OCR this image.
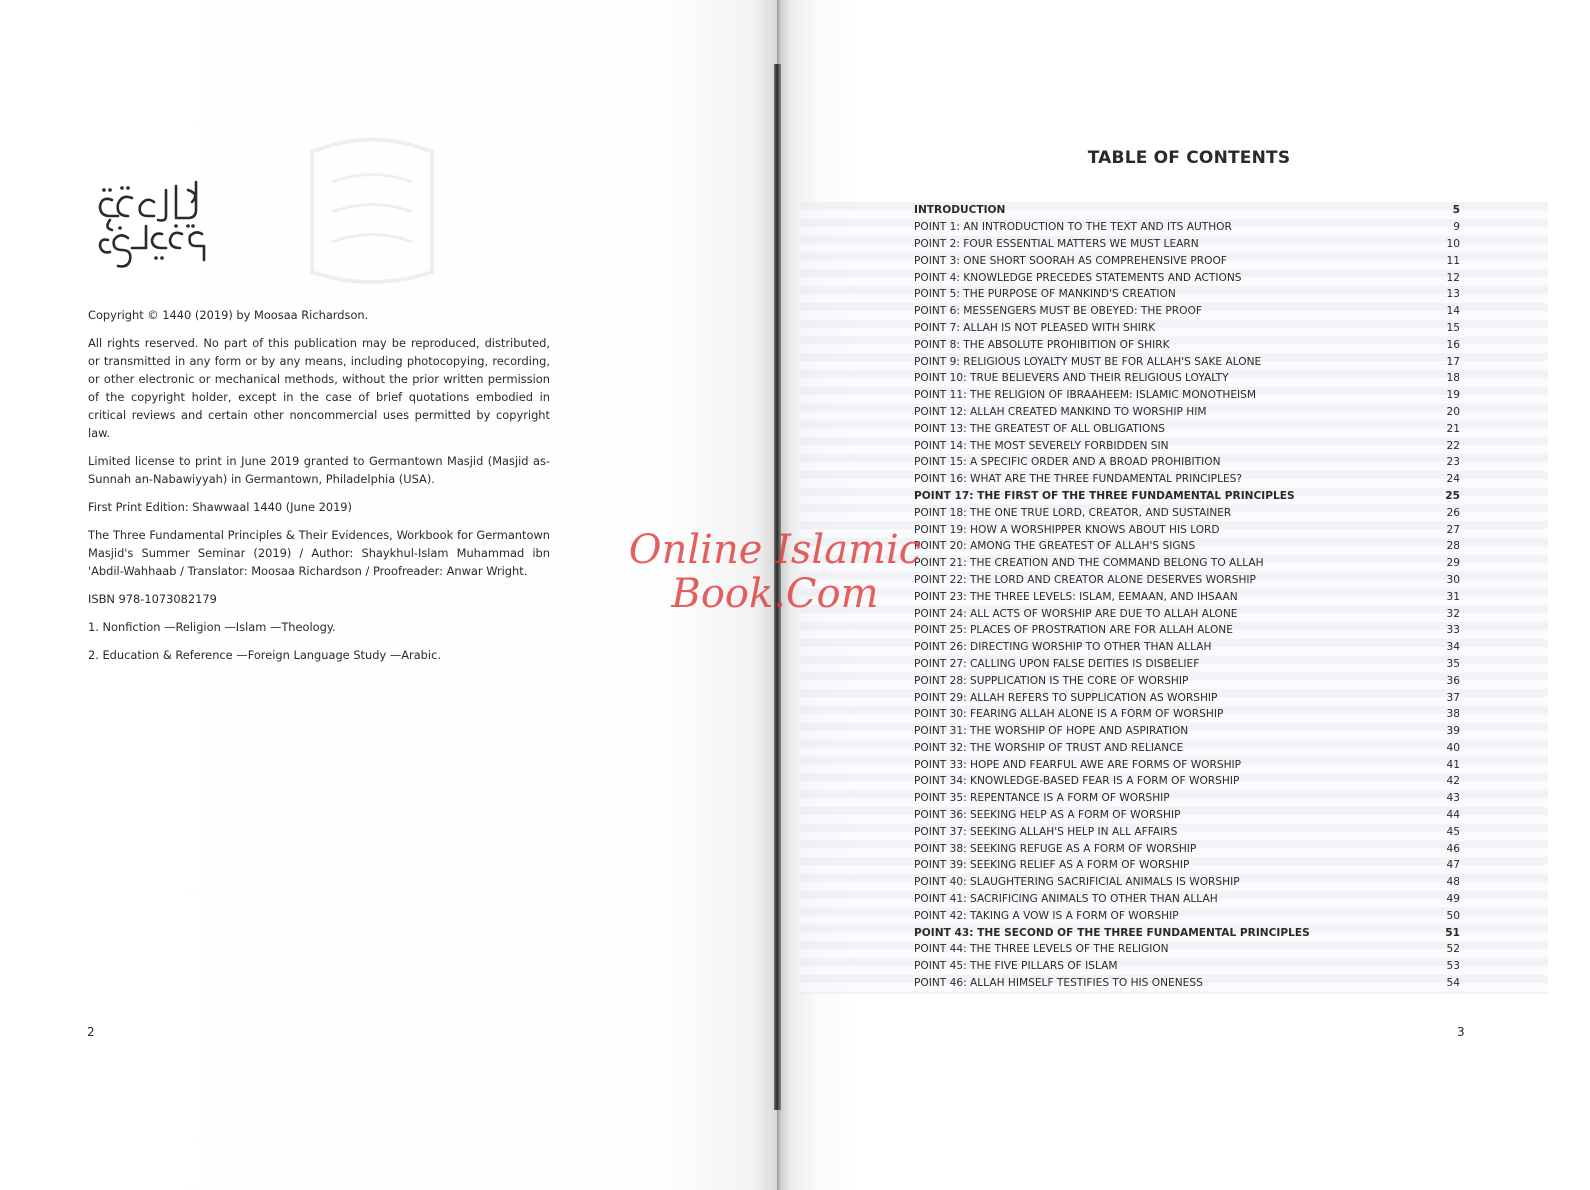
Copyright © 1440 (2019) by Moosaa Richardson.

All rights reserved. No part of this publication may be reproduced, distributed, or transmitted in any form or by any means, including photocopying, recording, or other electronic or mechanical methods, without the prior written permission of the copyright holder, except in the case of brief quotations embodied in critical reviews and certain other noncommercial uses permitted by copyright law.

Limited license to print in June 2019 granted to Germantown Masjid (Masjid as-Sunnah an-Nabawiyyah) in Germantown, Philadelphia (USA).

First Print Edition: Shawwaal 1440 (June 2019)

The Three Fundamental Principles & Their Evidences, Workbook for Germantown Masjid's Summer Seminar (2019) / Author: Shaykhul-Islam Muhammad ibn 'Abdil-Wahhaab / Translator: Moosaa Richardson / Proofreader: Anwar Wright.

ISBN 978-1073082179

1. Nonfiction —Religion —Islam —Theology.

2. Education & Reference —Foreign Language Study —Arabic.

2
TABLE OF CONTENTS
INTRODUCTION	5
POINT 1: AN INTRODUCTION TO THE TEXT AND ITS AUTHOR	9
POINT 2: FOUR ESSENTIAL MATTERS WE MUST LEARN	10
POINT 3: ONE SHORT SOORAH AS COMPREHENSIVE PROOF	11
POINT 4: KNOWLEDGE PRECEDES STATEMENTS AND ACTIONS	12
POINT 5: THE PURPOSE OF MANKIND'S CREATION	13
POINT 6: MESSENGERS MUST BE OBEYED: THE PROOF	14
POINT 7: ALLAH IS NOT PLEASED WITH SHIRK	15
POINT 8: THE ABSOLUTE PROHIBITION OF SHIRK	16
POINT 9: RELIGIOUS LOYALTY MUST BE FOR ALLAH'S SAKE ALONE	17
POINT 10: TRUE BELIEVERS AND THEIR RELIGIOUS LOYALTY	18
POINT 11: THE RELIGION OF IBRAAHEEM: ISLAMIC MONOTHEISM	19
POINT 12: ALLAH CREATED MANKIND TO WORSHIP HIM	20
POINT 13: THE GREATEST OF ALL OBLIGATIONS	21
POINT 14: THE MOST SEVERELY FORBIDDEN SIN	22
POINT 15: A SPECIFIC ORDER AND A BROAD PROHIBITION	23
POINT 16: WHAT ARE THE THREE FUNDAMENTAL PRINCIPLES?	24
POINT 17: THE FIRST OF THE THREE FUNDAMENTAL PRINCIPLES	25
POINT 18: THE ONE TRUE LORD, CREATOR, AND SUSTAINER	26
POINT 19: HOW A WORSHIPPER KNOWS ABOUT HIS LORD	27
POINT 20: AMONG THE GREATEST OF ALLAH'S SIGNS	28
POINT 21: THE CREATION AND THE COMMAND BELONG TO ALLAH	29
POINT 22: THE LORD AND CREATOR ALONE DESERVES WORSHIP	30
POINT 23: THE THREE LEVELS: ISLAM, EEMAAN, AND IHSAAN	31
POINT 24: ALL ACTS OF WORSHIP ARE DUE TO ALLAH ALONE	32
POINT 25: PLACES OF PROSTRATION ARE FOR ALLAH ALONE	33
POINT 26: DIRECTING WORSHIP TO OTHER THAN ALLAH	34
POINT 27: CALLING UPON FALSE DEITIES IS DISBELIEF	35
POINT 28: SUPPLICATION IS THE CORE OF WORSHIP	36
POINT 29: ALLAH REFERS TO SUPPLICATION AS WORSHIP	37
POINT 30: FEARING ALLAH ALONE IS A FORM OF WORSHIP	38
POINT 31: THE WORSHIP OF HOPE AND ASPIRATION	39
POINT 32: THE WORSHIP OF TRUST AND RELIANCE	40
POINT 33: HOPE AND FEARFUL AWE ARE FORMS OF WORSHIP	41
POINT 34: KNOWLEDGE-BASED FEAR IS A FORM OF WORSHIP	42
POINT 35: REPENTANCE IS A FORM OF WORSHIP	43
POINT 36: SEEKING HELP AS A FORM OF WORSHIP	44
POINT 37: SEEKING ALLAH'S HELP IN ALL AFFAIRS	45
POINT 38: SEEKING REFUGE AS A FORM OF WORSHIP	46
POINT 39: SEEKING RELIEF AS A FORM OF WORSHIP	47
POINT 40: SLAUGHTERING SACRIFICIAL ANIMALS IS WORSHIP	48
POINT 41: SACRIFICING ANIMALS TO OTHER THAN ALLAH	49
POINT 42: TAKING A VOW IS A FORM OF WORSHIP	50
POINT 43: THE SECOND OF THE THREE FUNDAMENTAL PRINCIPLES	51
POINT 44: THE THREE LEVELS OF THE RELIGION	52
POINT 45: THE FIVE PILLARS OF ISLAM	53
POINT 46: ALLAH HIMSELF TESTIFIES TO HIS ONENESS	54
3
Online Islamic
Book.Com
